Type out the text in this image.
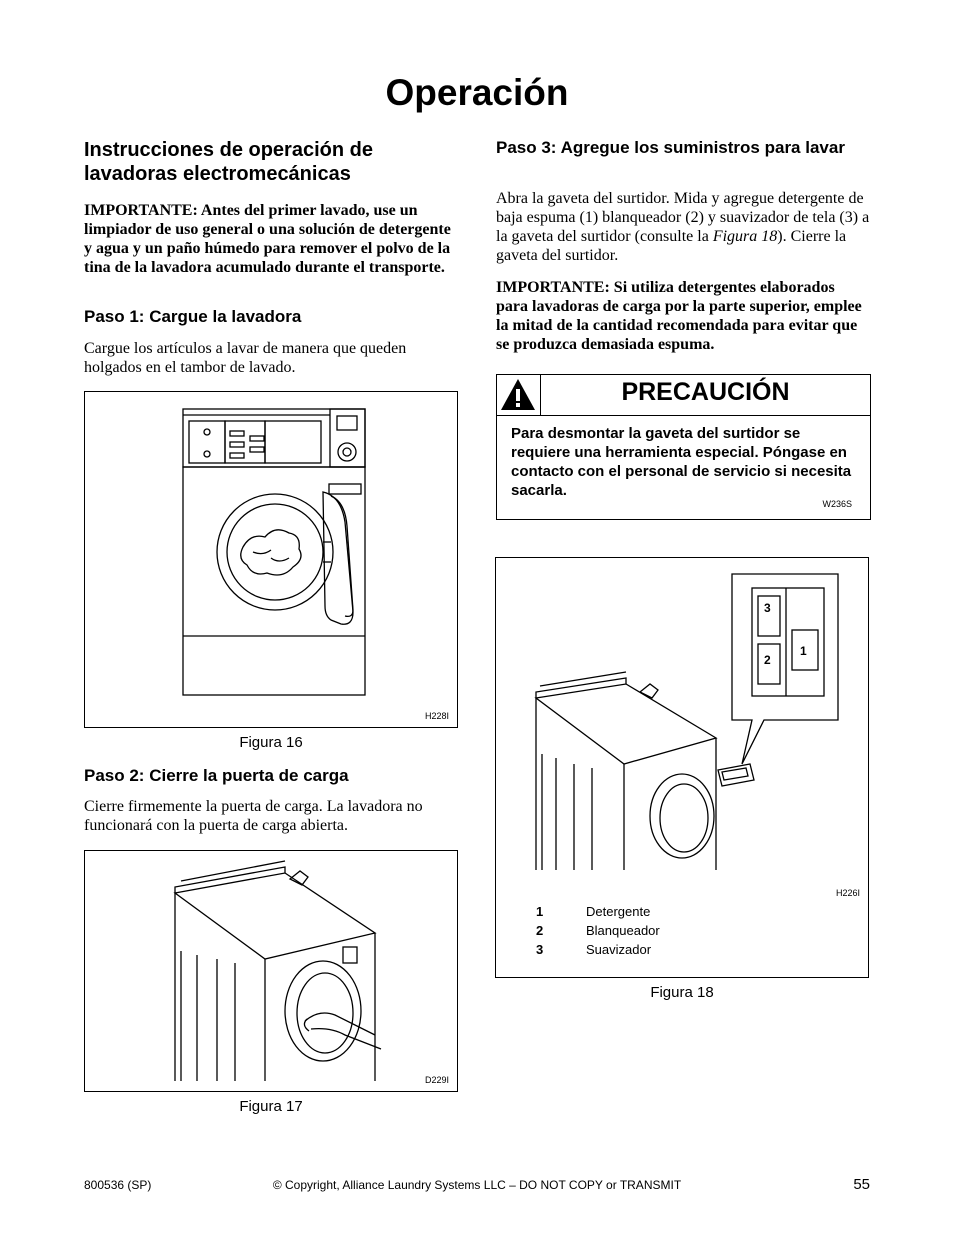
Operación
Instrucciones de operación de lavadoras electromecánicas
IMPORTANTE: Antes del primer lavado, use un limpiador de uso general o una solución de detergente y agua y un paño húmedo para remover el polvo de la tina de la lavadora acumulado durante el transporte.
Paso 1: Cargue la lavadora
Cargue los artículos a lavar de manera que queden holgados en el tambor de lavado.
H228I
Figura 16
Paso 2: Cierre la puerta de carga
Cierre firmemente la puerta de carga. La lavadora no funcionará con la puerta de carga abierta.
D229I
Figura 17
Paso 3: Agregue los suministros para lavar
Abra la gaveta del surtidor. Mida y agregue detergente de baja espuma (1) blanqueador (2) y suavizador de tela (3) a la gaveta del surtidor (consulte la Figura 18). Cierre la gaveta del surtidor.
IMPORTANTE: Si utiliza detergentes elaborados para lavadoras de carga por la parte superior, emplee la mitad de la cantidad recomendada para evitar que se produzca demasiada espuma.
PRECAUCIÓN
Para desmontar la gaveta del surtidor se requiere una herramienta especial. Póngase en contacto con el personal de servicio si necesita sacarla.
W236S
3
2
1
H226I
1	Detergente
2	Blanqueador
3	Suavizador
Figura 18
800536 (SP)	© Copyright, Alliance Laundry Systems LLC – DO NOT COPY or TRANSMIT	55
